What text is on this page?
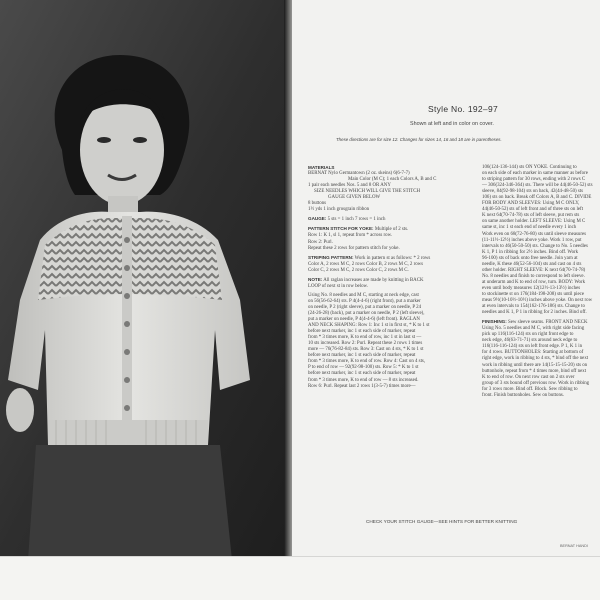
Style No. 192–97
Shown at left and in color on cover.
These directions are for size 12. Changes for sizes 14, 16 and 18 are in parentheses.

MATERIALS
BERNAT Nylo Germantown (2 oz. skeins) 6(6-7-7)
Main Color (M C); 1 each Colors A, B and C
1 pair each needles Nos. 5 and 8 OR ANY
SIZE NEEDLES WHICH WILL GIVE THE STITCH
GAUGE GIVEN BELOW
8 buttons
1½ yds 1 inch grosgrain ribbon

GAUGE: 5 sts = 1 inch 7 rows = 1 inch

PATTERN STITCH FOR YOKE: Multiple of 2 sts.
Row 1: K 1, sl 1, repeat from * across row.
Row 2: Purl.
Repeat these 2 rows for pattern stitch for yoke.

STRIPING PATTERN: Work in pattern st as follows: * 2 rows
Color A, 2 rows M C, 2 rows Color B, 2 rows M C, 2 rows
Color C, 2 rows M C, 2 rows Color C, 2 rows M C.

NOTE: All raglan increases are made by knitting in BACK
LOOP of next st in row below.

Using No. 8 needles and M C, starting at neck edge, cast
on 56(56-62-64) sts. P 4(4-4-6) (right front), put a marker
on needle, P 2 (right sleeve), put a marker on needle, P 24
(24-26-28) (back), put a marker on needle, P 2 (left sleeve),
put a marker on needle, P 4(4-4-6) (left front). RAGLAN
AND NECK SHAPING: Row 1: Inc 1 st in first st, * K to 1 st
before next marker, inc 1 st each side of marker, repeat
from * 3 times more, K to end of row, inc 1 st in last st —
10 sts increased. Row 2: Purl. Repeat these 2 rows 1 times
more — 76(76-82-84) sts. Row 3: Cast on 4 sts, * K to 1 st
before next marker, inc 1 st each side of marker, repeat
from * 3 times more, K to end of row. Row 4: Cast on 4 sts,
P to end of row — 92(92-98-100) sts. Row 5: * K to 1 st
before next marker, inc 1 st each side of marker, repeat
from * 3 times more, K to end of row — 8 sts increased.
Row 6: Purl. Repeat last 2 rows 1(3-5-7) times more—

106(124-136-144) sts ON YOKE. Continuing to
on each side of each marker in same manner as before
to striping pattern for 30 rows, ending with 2 rows C
— 306(324-346-364) sts. There will be 44(46-50-52) sts
sleeve, 84(92-98-104) sts on back, 42(44-48-50) sts
106) sts on back. Break off Colors A, B and C. DIVIDE
FOR BODY AND SLEEVES: Using M C ONLY,
44(46-50-52) sts of left front and of three sts on left
K next 64(70-74-78) sts of left sleeve, put rem sts
on same another holder. LEFT SLEEVE: Using M C
same st, inc 1 st each end of needle every 1 inch
Work even on 68(72-76-80) sts until sleeve measures
(11-11½-12½) inches above yoke. Work 1 row, put
intervals to 46(50-50-50) sts. Change to No. 5 needles
K 1, P 1 in ribbing for 2½ inches. Bind off. Work
96-100) sts of back onto free needle. Join yarn at
needle, K these 46(52-56-104) sts and cast on 4 sts
other holder. RIGHT SLEEVE: K next 64(70-74-78)
No. 8 needles and finish to correspond to left sleeve.
at underarm and K to end of row, turn. BODY: Work
even until body measures 12(12½-13-13½) inches
to stockinette st on 176(184-198-208) sts until piece
meas 9½(10-10½-10½) inches above yoke. On next row
at even intervals to 154(162-176-186) sts. Change to
needles and K 1, P 1 in ribbing for 2 inches. Bind off.
FINISHING: Sew sleeve seams. FRONT AND NECK
Using No. 5 needles and M C, with right side facing
pick up 116(116-124) sts on right front edge to
neck edge, 46(63-71-71) sts around neck edge to
116(116-116-124) sts on left front edge. P 1, K 1 in
for 4 rows. BUTTONHOLES: Starting at bottom of
right edge, work in ribbing to 4 sts, * bind off the next
work in ribbing until there are 14(15-15-15-20) sts on
buttonhole, repeat from * 4 times more, bind off next
K to end of row. On next row cast on 2 sts over
group of 3 sts bound off previous row. Work in ribbing
for 3 rows more. Bind off. Block. Sew ribbing to
front. Finish buttonholes. Sew on buttons.
CHECK YOUR STITCH GAUGE—SEE HINTS FOR BETTER KNITTING
BERNAT HANDI
